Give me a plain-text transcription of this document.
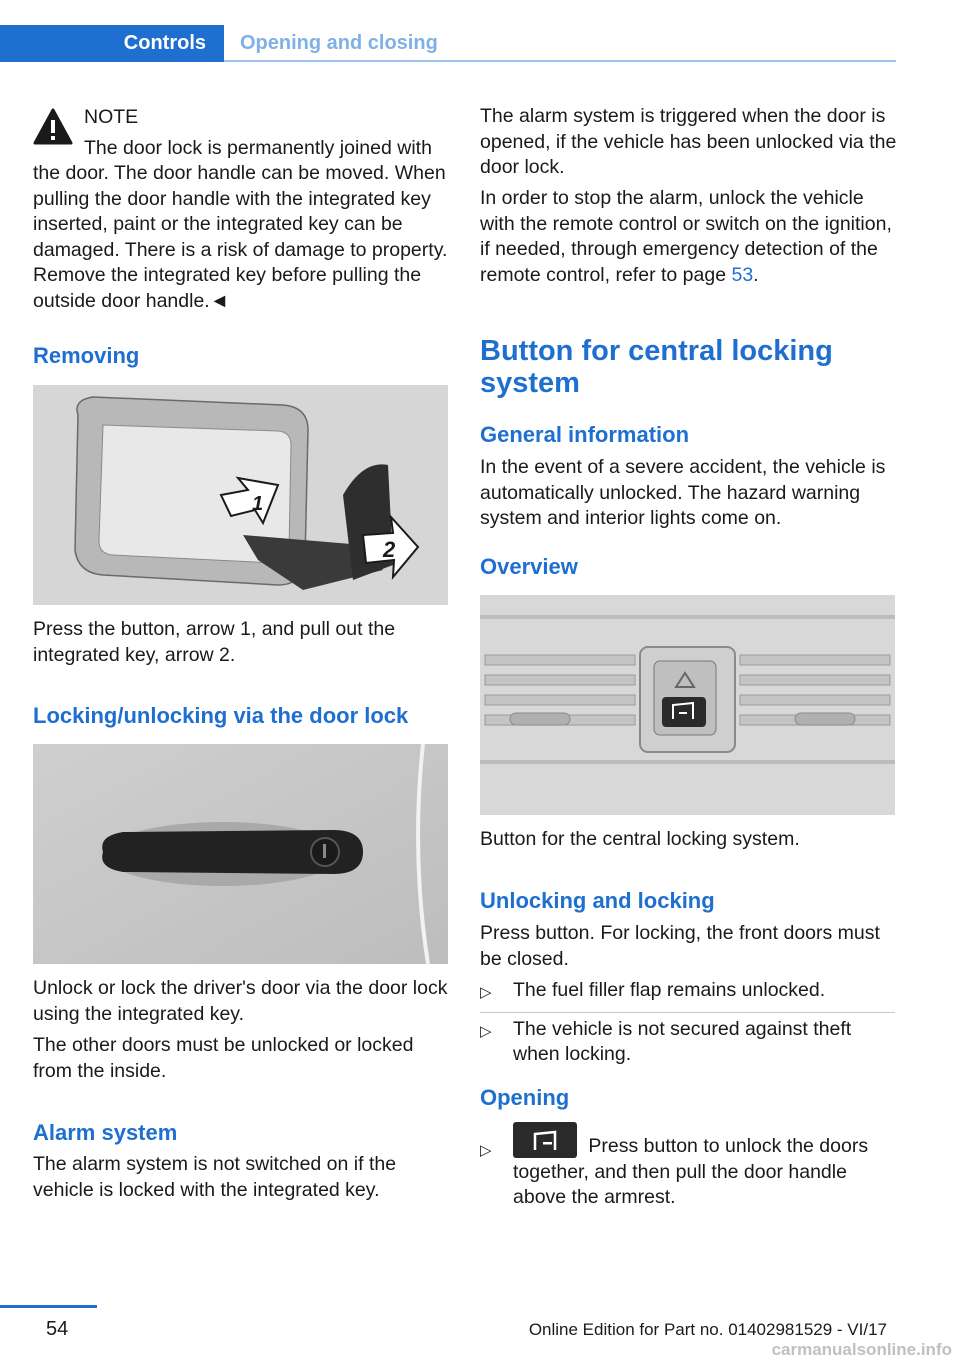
Controls	Opening and closing
NOTE
The door lock is permanently joined with
the door. The door handle can be moved. When pulling the door handle with the integrated key inserted, paint or the integrated key can be damaged. There is a risk of damage to property. Remove the integrated key before pulling the outside door handle.◄
Removing
1
2
Press the button, arrow 1, and pull out the integrated key, arrow 2.
Locking/unlocking via the door lock
Unlock or lock the driver's door via the door lock using the integrated key.
The other doors must be unlocked or locked from the inside.
Alarm system
The alarm system is not switched on if the vehicle is locked with the integrated key.
The alarm system is triggered when the door is opened, if the vehicle has been unlocked via the door lock.

In order to stop the alarm, unlock the vehicle with the remote control or switch on the ignition, if needed, through emergency detection of the remote control, refer to page 53.

Button for central locking system
General information
In the event of a severe accident, the vehicle is automatically unlocked. The hazard warning system and interior lights come on.
Overview
Button for the central locking system.
Unlocking and locking
Press button. For locking, the front doors must be closed.
▷	The fuel filler flap remains unlocked.
▷	The vehicle is not secured against theft when locking.
Opening
▷	Press button to unlock the doors together, and then pull the door handle above the armrest.
54	Online Edition for Part no. 01402981529 - VI/17
carmanualsonline.info
